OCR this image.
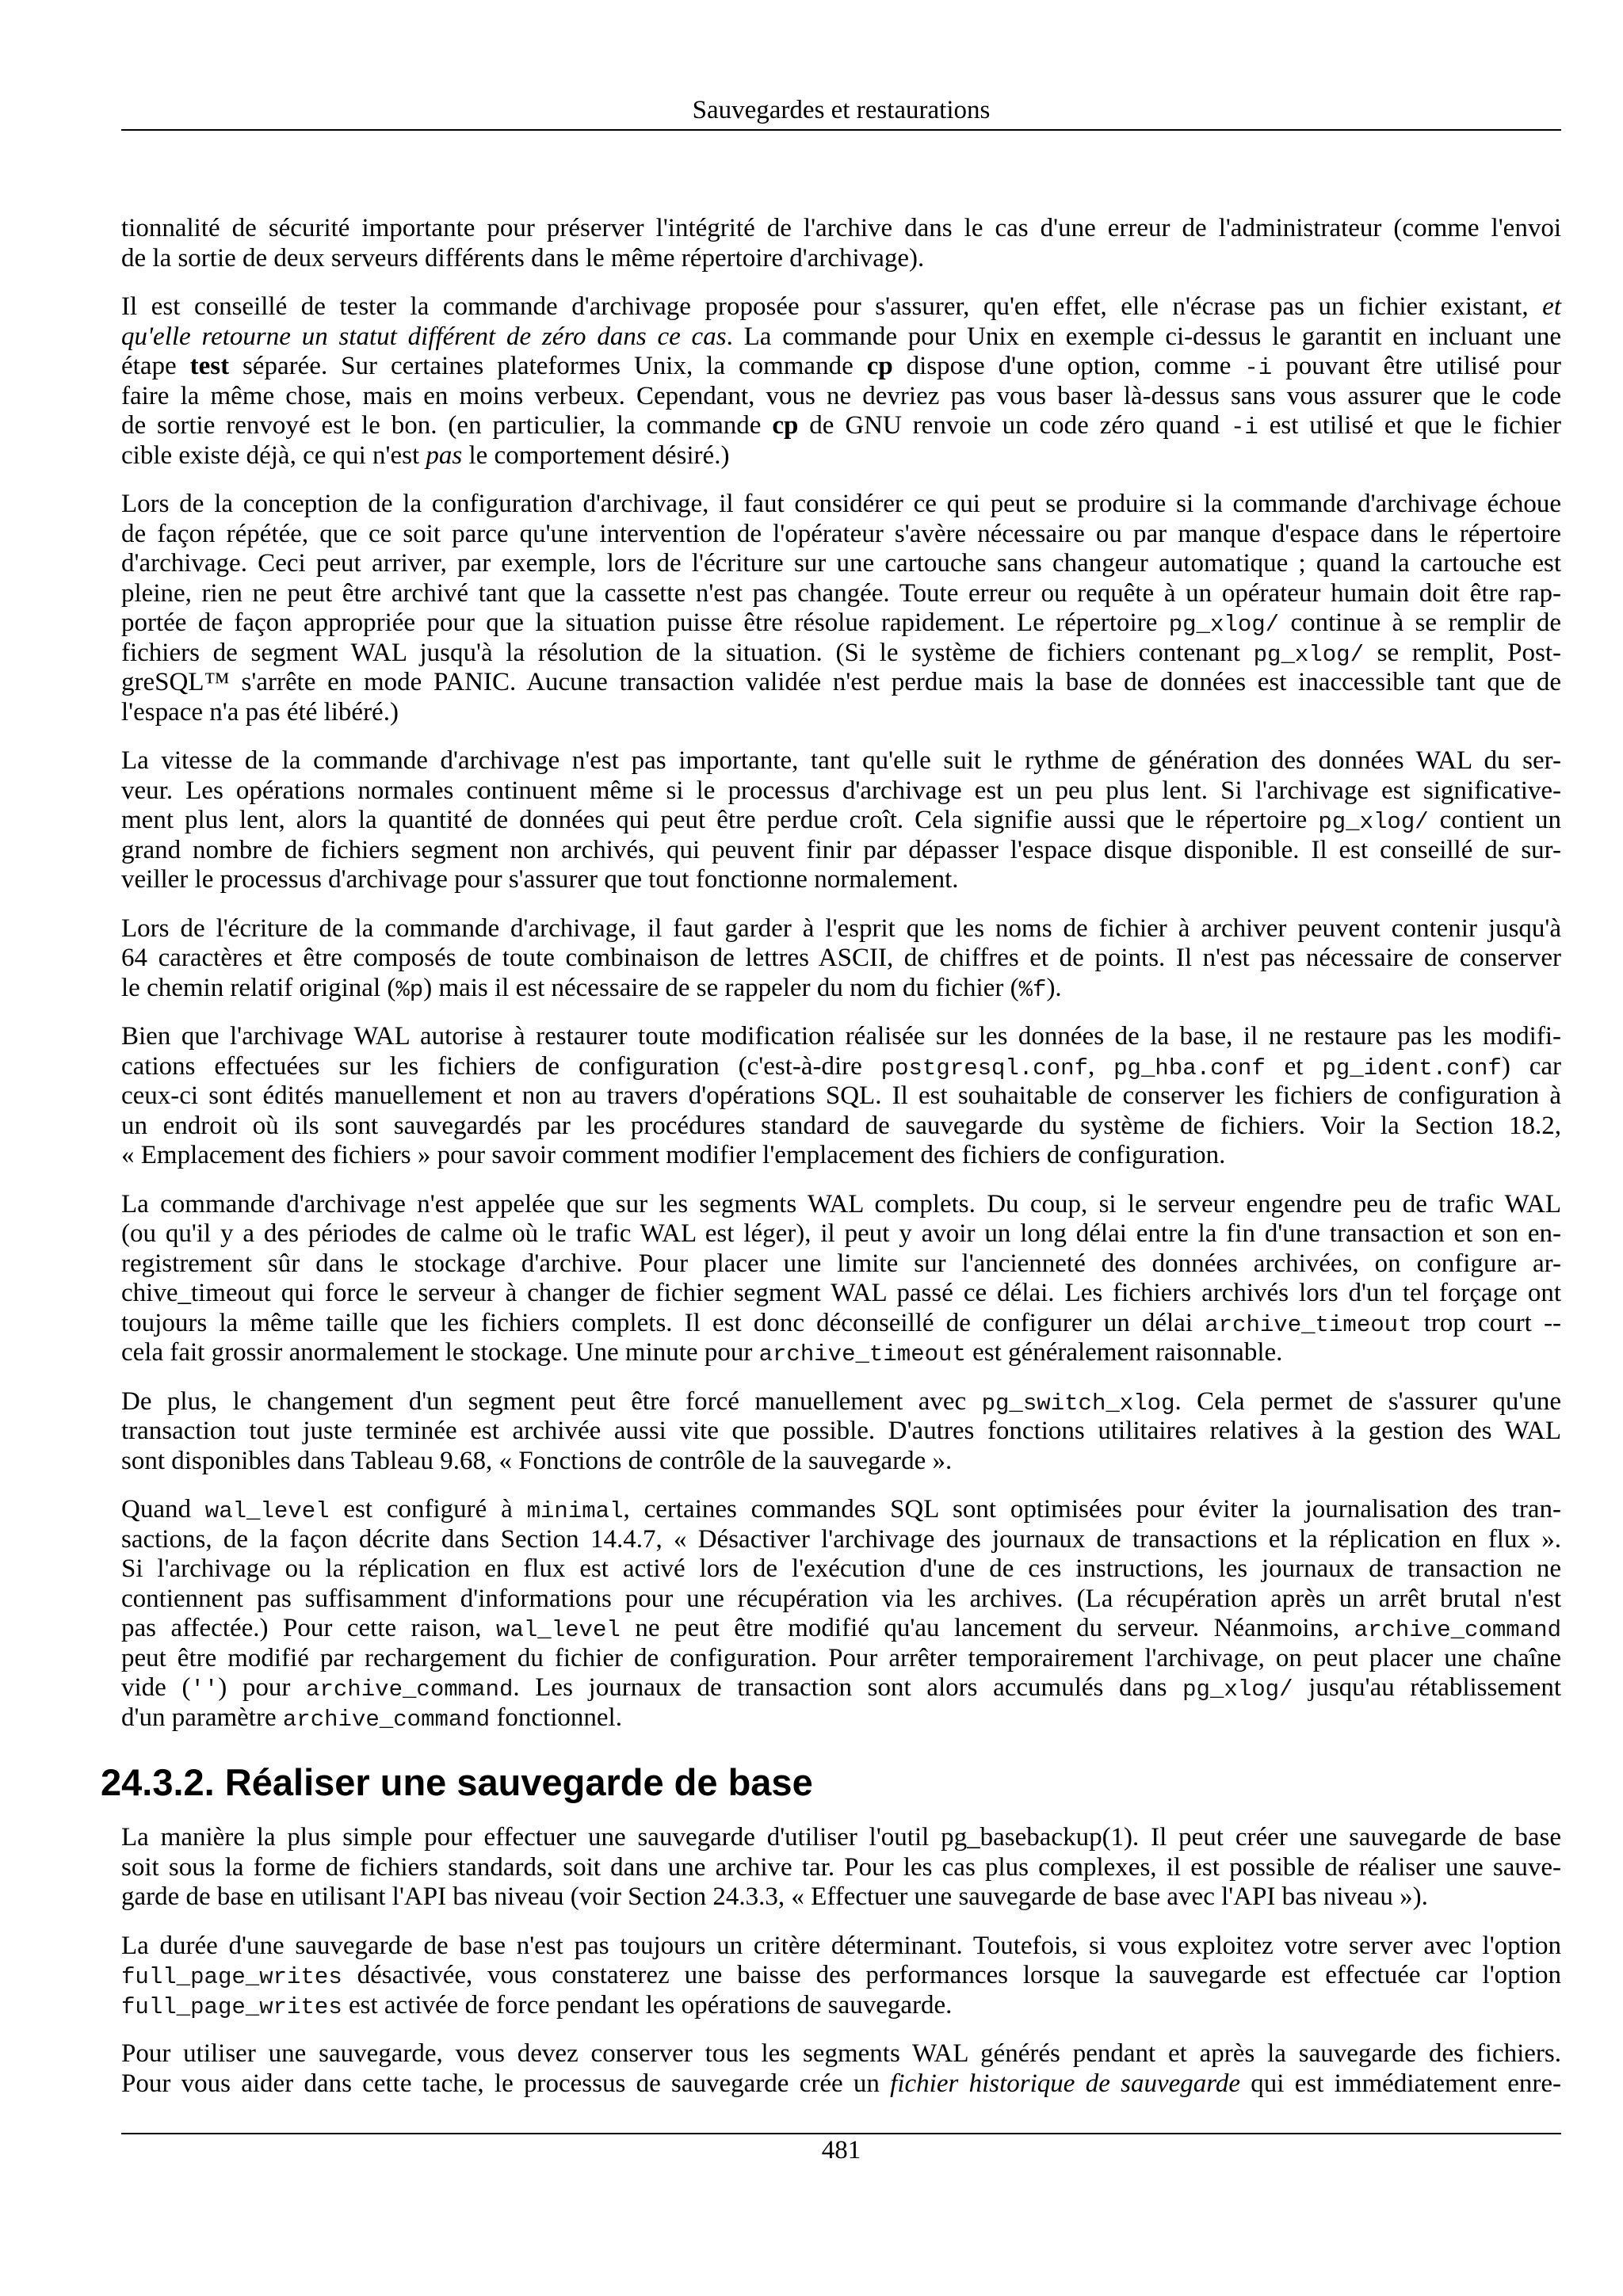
Sauvegardes et restaurations
tionnalité de sécurité importante pour préserver l'intégrité de l'archive dans le cas d'une erreur de l'administrateur (comme l'envoi
de la sortie de deux serveurs différents dans le même répertoire d'archivage).
Il est conseillé de tester la commande d'archivage proposée pour s'assurer, qu'en effet, elle n'écrase pas un fichier existant, et
qu'elle retourne un statut différent de zéro dans ce cas. La commande pour Unix en exemple ci-dessus le garantit en incluant une
étape test séparée. Sur certaines plateformes Unix, la commande cp dispose d'une option, comme -i pouvant être utilisé pour
faire la même chose, mais en moins verbeux. Cependant, vous ne devriez pas vous baser là-dessus sans vous assurer que le code
de sortie renvoyé est le bon. (en particulier, la commande cp de GNU renvoie un code zéro quand -i est utilisé et que le fichier
cible existe déjà, ce qui n'est pas le comportement désiré.)
Lors de la conception de la configuration d'archivage, il faut considérer ce qui peut se produire si la commande d'archivage échoue
de façon répétée, que ce soit parce qu'une intervention de l'opérateur s'avère nécessaire ou par manque d'espace dans le répertoire
d'archivage. Ceci peut arriver, par exemple, lors de l'écriture sur une cartouche sans changeur automatique ; quand la cartouche est
pleine, rien ne peut être archivé tant que la cassette n'est pas changée. Toute erreur ou requête à un opérateur humain doit être rap-
portée de façon appropriée pour que la situation puisse être résolue rapidement. Le répertoire pg_xlog/ continue à se remplir de
fichiers de segment WAL jusqu'à la résolution de la situation. (Si le système de fichiers contenant pg_xlog/ se remplit, Post-
greSQL™ s'arrête en mode PANIC. Aucune transaction validée n'est perdue mais la base de données est inaccessible tant que de
l'espace n'a pas été libéré.)
La vitesse de la commande d'archivage n'est pas importante, tant qu'elle suit le rythme de génération des données WAL du ser-
veur. Les opérations normales continuent même si le processus d'archivage est un peu plus lent. Si l'archivage est significative-
ment plus lent, alors la quantité de données qui peut être perdue croît. Cela signifie aussi que le répertoire pg_xlog/ contient un
grand nombre de fichiers segment non archivés, qui peuvent finir par dépasser l'espace disque disponible. Il est conseillé de sur-
veiller le processus d'archivage pour s'assurer que tout fonctionne normalement.
Lors de l'écriture de la commande d'archivage, il faut garder à l'esprit que les noms de fichier à archiver peuvent contenir jusqu'à
64 caractères et être composés de toute combinaison de lettres ASCII, de chiffres et de points. Il n'est pas nécessaire de conserver
le chemin relatif original (%p) mais il est nécessaire de se rappeler du nom du fichier (%f).
Bien que l'archivage WAL autorise à restaurer toute modification réalisée sur les données de la base, il ne restaure pas les modifi-
cations effectuées sur les fichiers de configuration (c'est-à-dire postgresql.conf, pg_hba.conf et pg_ident.conf) car
ceux-ci sont édités manuellement et non au travers d'opérations SQL. Il est souhaitable de conserver les fichiers de configuration à
un endroit où ils sont sauvegardés par les procédures standard de sauvegarde du système de fichiers. Voir la Section 18.2,
« Emplacement des fichiers » pour savoir comment modifier l'emplacement des fichiers de configuration.
La commande d'archivage n'est appelée que sur les segments WAL complets. Du coup, si le serveur engendre peu de trafic WAL
(ou qu'il y a des périodes de calme où le trafic WAL est léger), il peut y avoir un long délai entre la fin d'une transaction et son en-
registrement sûr dans le stockage d'archive. Pour placer une limite sur l'ancienneté des données archivées, on configure ar-
chive_timeout qui force le serveur à changer de fichier segment WAL passé ce délai. Les fichiers archivés lors d'un tel forçage ont
toujours la même taille que les fichiers complets. Il est donc déconseillé de configurer un délai archive_timeout trop court --
cela fait grossir anormalement le stockage. Une minute pour archive_timeout est généralement raisonnable.
De plus, le changement d'un segment peut être forcé manuellement avec pg_switch_xlog. Cela permet de s'assurer qu'une
transaction tout juste terminée est archivée aussi vite que possible. D'autres fonctions utilitaires relatives à la gestion des WAL
sont disponibles dans Tableau 9.68, « Fonctions de contrôle de la sauvegarde ».
Quand wal_level est configuré à minimal, certaines commandes SQL sont optimisées pour éviter la journalisation des tran-
sactions, de la façon décrite dans Section 14.4.7, « Désactiver l'archivage des journaux de transactions et la réplication en flux ».
Si l'archivage ou la réplication en flux est activé lors de l'exécution d'une de ces instructions, les journaux de transaction ne
contiennent pas suffisamment d'informations pour une récupération via les archives. (La récupération après un arrêt brutal n'est
pas affectée.) Pour cette raison, wal_level ne peut être modifié qu'au lancement du serveur. Néanmoins, archive_command
peut être modifié par rechargement du fichier de configuration. Pour arrêter temporairement l'archivage, on peut placer une chaîne
vide ('') pour archive_command. Les journaux de transaction sont alors accumulés dans pg_xlog/ jusqu'au rétablissement
d'un paramètre archive_command fonctionnel.
24.3.2. Réaliser une sauvegarde de base
La manière la plus simple pour effectuer une sauvegarde d'utiliser l'outil pg_basebackup(1). Il peut créer une sauvegarde de base
soit sous la forme de fichiers standards, soit dans une archive tar. Pour les cas plus complexes, il est possible de réaliser une sauve-
garde de base en utilisant l'API bas niveau (voir Section 24.3.3, « Effectuer une sauvegarde de base avec l'API bas niveau »).
La durée d'une sauvegarde de base n'est pas toujours un critère déterminant. Toutefois, si vous exploitez votre server avec l'option
full_page_writes désactivée, vous constaterez une baisse des performances lorsque la sauvegarde est effectuée car l'option
full_page_writes est activée de force pendant les opérations de sauvegarde.
Pour utiliser une sauvegarde, vous devez conserver tous les segments WAL générés pendant et après la sauvegarde des fichiers.
Pour vous aider dans cette tache, le processus de sauvegarde crée un fichier historique de sauvegarde qui est immédiatement enre-
481
